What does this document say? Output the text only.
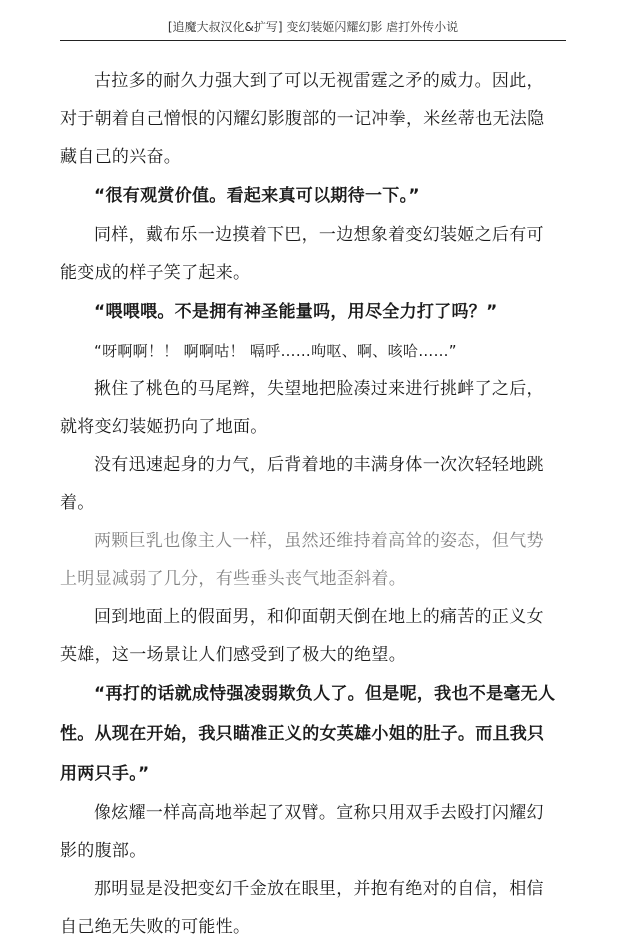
[追魔大叔汉化&扩写] 变幻装姬闪耀幻影 虐打外传小说

古拉多的耐久力强大到了可以无视雷霆之矛的威力。因此，对于朝着自己憎恨的闪耀幻影腹部的一记冲拳，米丝蒂也无法隐藏自己的兴奋。

“很有观赏价值。看起来真可以期待一下。”

同样，戴布乐一边摸着下巴，一边想象着变幻装姬之后有可能变成的样子笑了起来。

“喂喂喂。不是拥有神圣能量吗，用尽全力打了吗？”

“呀啊啊！！ 啊啊咕！ 嗝呼……呴呕、啊、咳哈……”

揪住了桃色的马尾辫，失望地把脸凑过来进行挑衅了之后，就将变幻装姬扔向了地面。

没有迅速起身的力气，后背着地的丰满身体一次次轻轻地跳着。

两颗巨乳也像主人一样，虽然还维持着高耸的姿态，但气势上明显减弱了几分，有些垂头丧气地歪斜着。

回到地面上的假面男，和仰面朝天倒在地上的痛苦的正义女英雄，这一场景让人们感受到了极大的绝望。

“再打的话就成恃强凌弱欺负人了。但是呢，我也不是毫无人性。从现在开始，我只瞄准正义的女英雄小姐的肚子。而且我只用两只手。”

像炫耀一样高高地举起了双臂。宣称只用双手去殴打闪耀幻影的腹部。

那明显是没把变幻千金放在眼里，并抱有绝对的自信，相信自己绝无失败的可能性。
